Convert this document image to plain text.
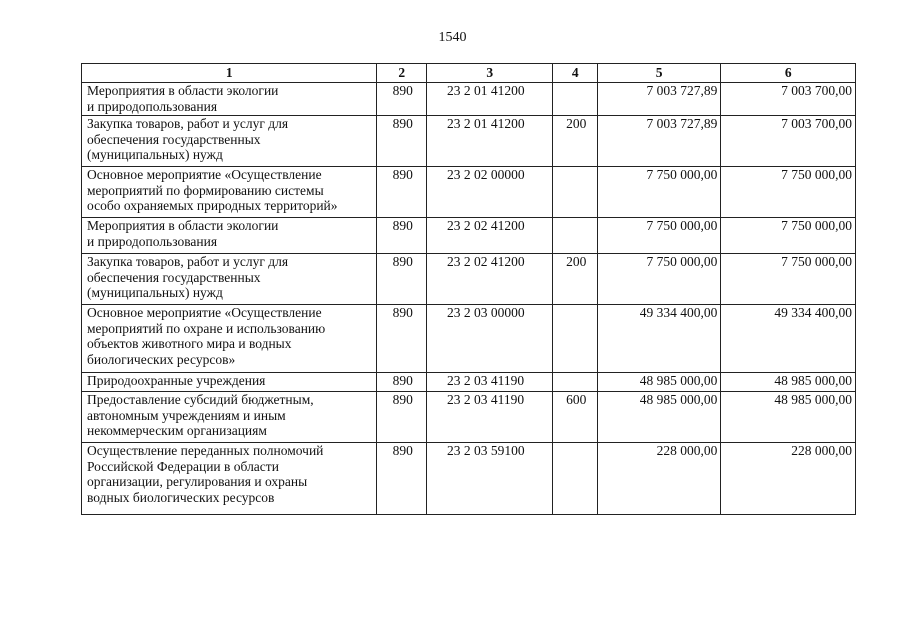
1540
1	2	3	4	5	6
Мероприятия в области экологии
и природопользования	890	23 2 01 41200		7 003 727,89	7 003 700,00
Закупка товаров, работ и услуг для
обеспечения государственных
(муниципальных) нужд	890	23 2 01 41200	200	7 003 727,89	7 003 700,00
Основное мероприятие «Осуществление
мероприятий по формированию системы
особо охраняемых природных территорий»	890	23 2 02 00000		7 750 000,00	7 750 000,00
Мероприятия в области экологии
и природопользования	890	23 2 02 41200		7 750 000,00	7 750 000,00
Закупка товаров, работ и услуг для
обеспечения государственных
(муниципальных) нужд	890	23 2 02 41200	200	7 750 000,00	7 750 000,00
Основное мероприятие «Осуществление
мероприятий по охране и использованию
объектов животного мира и водных
биологических ресурсов»	890	23 2 03 00000		49 334 400,00	49 334 400,00
Природоохранные учреждения	890	23 2 03 41190		48 985 000,00	48 985 000,00
Предоставление субсидий бюджетным,
автономным учреждениям и иным
некоммерческим организациям	890	23 2 03 41190	600	48 985 000,00	48 985 000,00
Осуществление переданных полномочий
Российской Федерации в области
организации, регулирования и охраны
водных биологических ресурсов	890	23 2 03 59100		228 000,00	228 000,00
